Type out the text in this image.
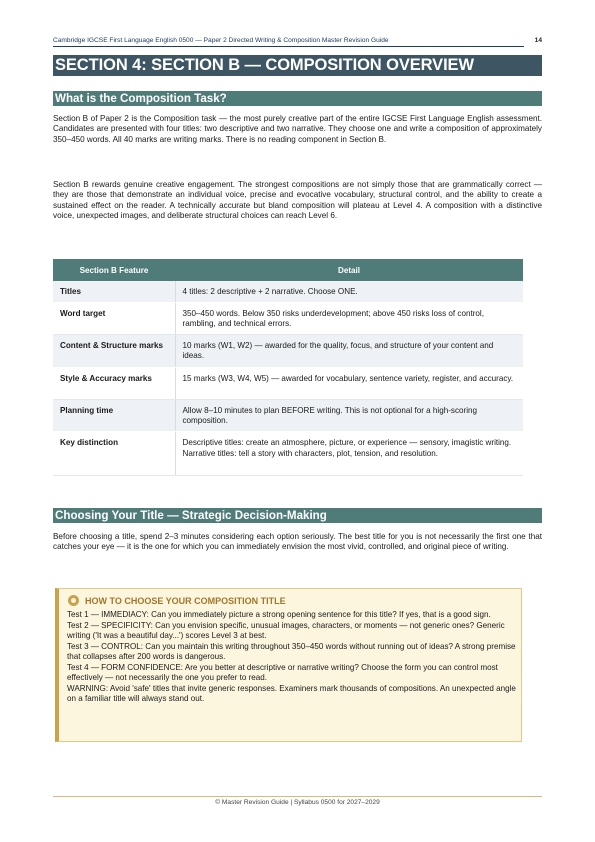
Cambridge IGCSE First Language English 0500 — Paper 2 Directed Writing & Composition Master Revision Guide	14
SECTION 4: SECTION B — COMPOSITION OVERVIEW
What is the Composition Task?

Section B of Paper 2 is the Composition task — the most purely creative part of the entire IGCSE First Language English assessment. Candidates are presented with four titles: two descriptive and two narrative. They choose one and write a composition of approximately 350–450 words. All 40 marks are writing marks. There is no reading component in Section B.

Section B rewards genuine creative engagement. The strongest compositions are not simply those that are grammatically correct — they are those that demonstrate an individual voice, precise and evocative vocabulary, structural control, and the ability to create a sustained effect on the reader. A technically accurate but bland composition will plateau at Level 4. A composition with a distinctive voice, unexpected images, and deliberate structural choices can reach Level 6.

Section B Feature	Detail
Titles	4 titles: 2 descriptive + 2 narrative. Choose ONE.
Word target	350–450 words. Below 350 risks underdevelopment; above 450 risks loss of control, rambling, and technical errors.
Content & Structure marks	10 marks (W1, W2) — awarded for the quality, focus, and structure of your content and ideas.
Style & Accuracy marks	15 marks (W3, W4, W5) — awarded for vocabulary, sentence variety, register, and accuracy.
Planning time	Allow 8–10 minutes to plan BEFORE writing. This is not optional for a high-scoring composition.
Key distinction	Descriptive titles: create an atmosphere, picture, or experience — sensory, imagistic writing. Narrative titles: tell a story with characters, plot, tension, and resolution.
Choosing Your Title — Strategic Decision-Making

Before choosing a title, spend 2–3 minutes considering each option seriously. The best title for you is not necessarily the first one that catches your eye — it is the one for which you can immediately envision the most vivid, controlled, and original piece of writing.

HOW TO CHOOSE YOUR COMPOSITION TITLE

Test 1 — IMMEDIACY: Can you immediately picture a strong opening sentence for this title? If yes, that is a good sign.

Test 2 — SPECIFICITY: Can you envision specific, unusual images, characters, or moments — not generic ones? Generic writing ('It was a beautiful day...') scores Level 3 at best.

Test 3 — CONTROL: Can you maintain this writing throughout 350–450 words without running out of ideas? A strong premise that collapses after 200 words is dangerous.

Test 4 — FORM CONFIDENCE: Are you better at descriptive or narrative writing? Choose the form you can control most effectively — not necessarily the one you prefer to read.

WARNING: Avoid 'safe' titles that invite generic responses. Examiners mark thousands of compositions. An unexpected angle on a familiar title will always stand out.

© Master Revision Guide | Syllabus 0500 for 2027–2029
